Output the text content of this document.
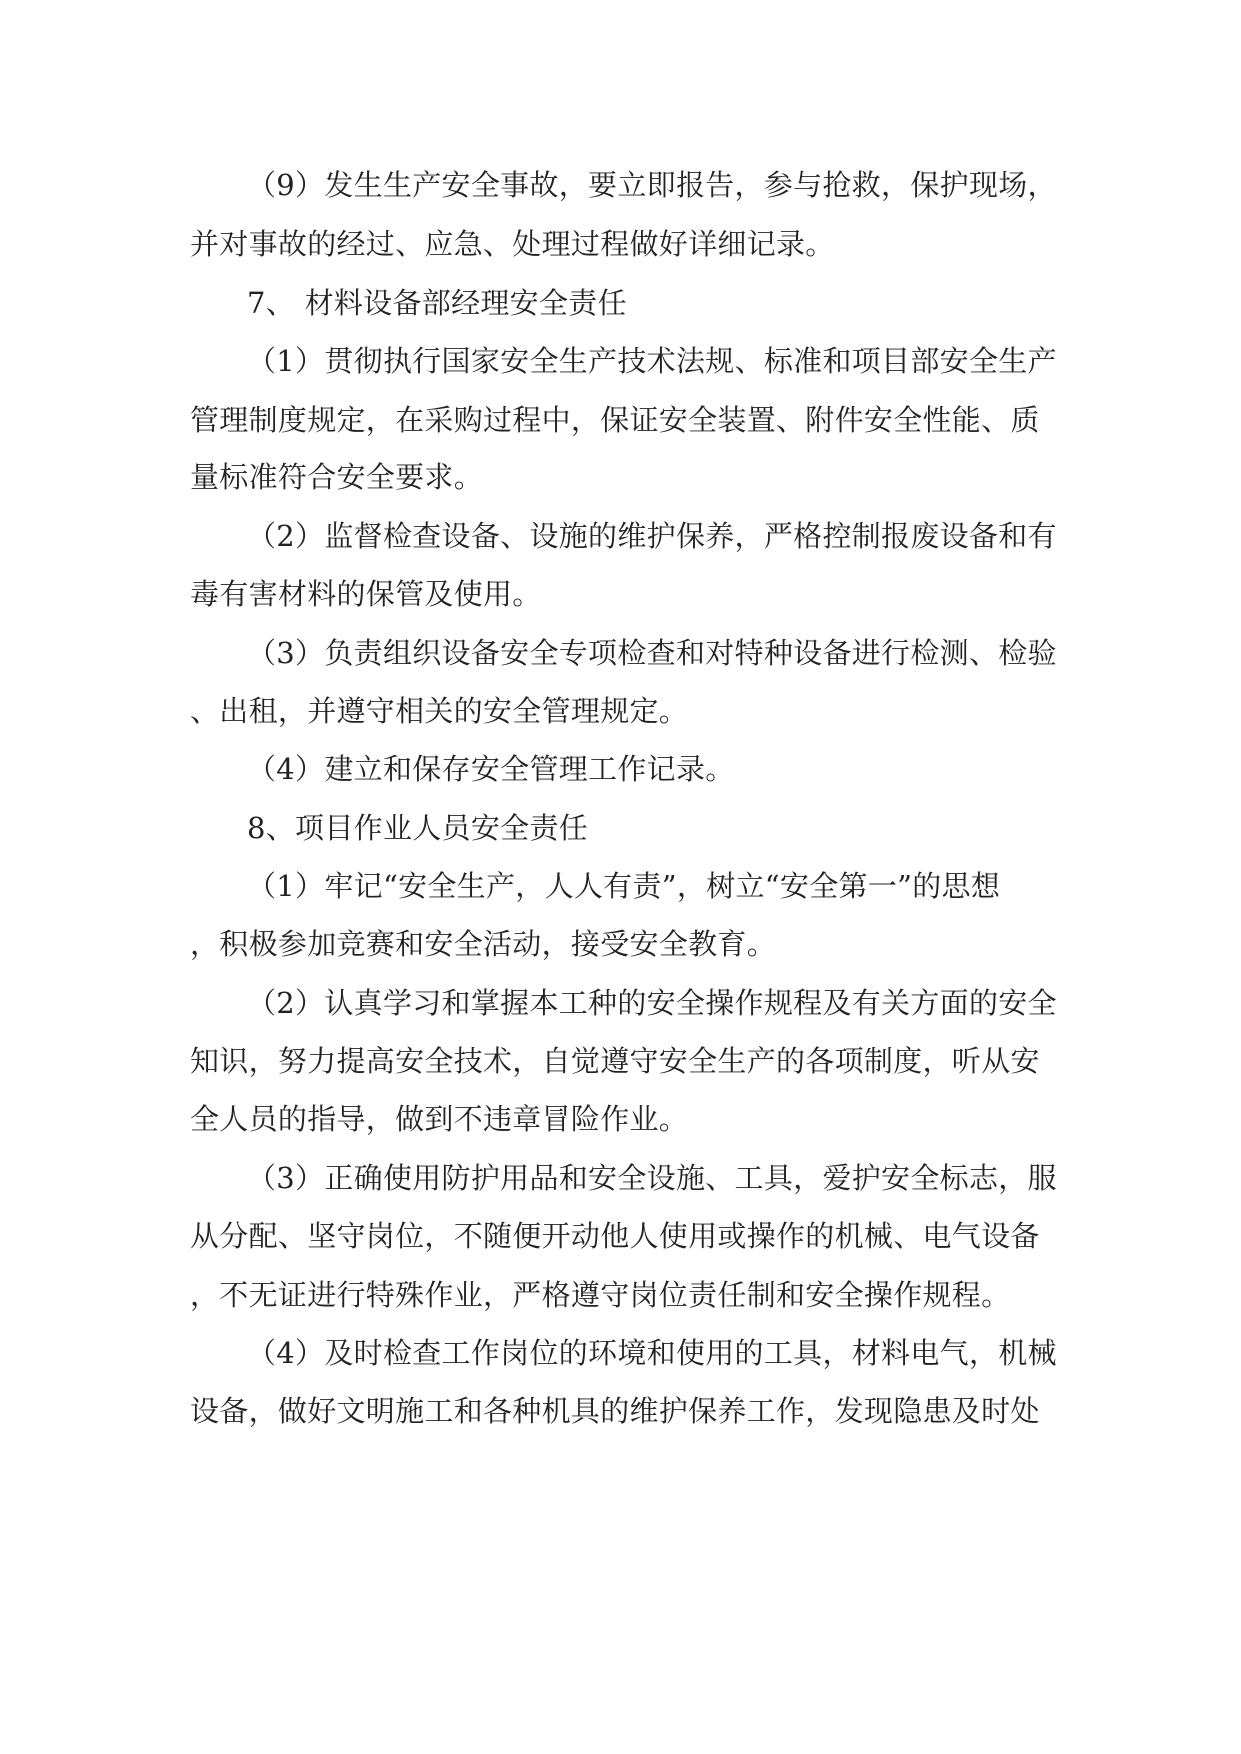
（9）发生生产安全事故，要立即报告，参与抢救，保护现场，
并对事故的经过、应急、处理过程做好详细记录。
7、 材料设备部经理安全责任
（1）贯彻执行国家安全生产技术法规、标准和项目部安全生产
管理制度规定，在采购过程中，保证安全装置、附件安全性能、质
量标准符合安全要求。
（2）监督检查设备、设施的维护保养，严格控制报废设备和有
毒有害材料的保管及使用。
（3）负责组织设备安全专项检查和对特种设备进行检测、检验
、出租，并遵守相关的安全管理规定。
（4）建立和保存安全管理工作记录。
8、项目作业人员安全责任
（1）牢记“安全生产，人人有责”，树立“安全第一”的思想
，积极参加竞赛和安全活动，接受安全教育。
（2）认真学习和掌握本工种的安全操作规程及有关方面的安全
知识，努力提高安全技术，自觉遵守安全生产的各项制度，听从安
全人员的指导，做到不违章冒险作业。
（3）正确使用防护用品和安全设施、工具，爱护安全标志，服
从分配、坚守岗位，不随便开动他人使用或操作的机械、电气设备
，不无证进行特殊作业，严格遵守岗位责任制和安全操作规程。
（4）及时检查工作岗位的环境和使用的工具，材料电气，机械
设备，做好文明施工和各种机具的维护保养工作，发现隐患及时处
